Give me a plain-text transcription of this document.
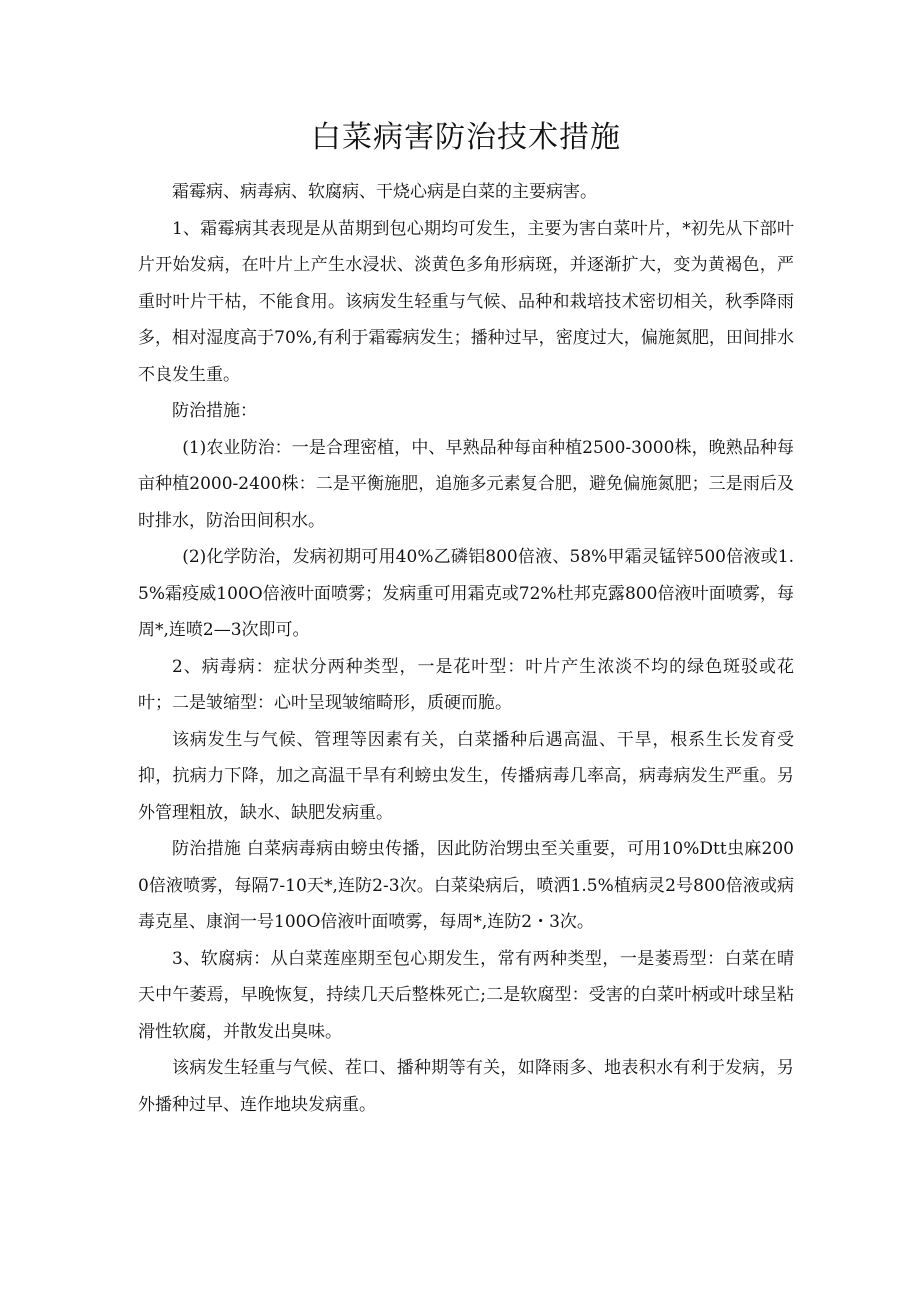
白菜病害防治技术措施

霜霉病、病毒病、软腐病、干烧心病是白菜的主要病害。

1、霜霉病其表现是从苗期到包心期均可发生，主要为害白菜叶片，*初先从下部叶片开始发病，在叶片上产生水浸状、淡黄色多角形病斑，并逐渐扩大，变为黄褐色，严重时叶片干枯，不能食用。该病发生轻重与气候、品种和栽培技术密切相关，秋季降雨多，相对湿度高于70%,有利于霜霉病发生；播种过早，密度过大，偏施氮肥，田间排水不良发生重。

防治措施：

(1)农业防治：一是合理密植，中、早熟品种每亩种植2500-3000株，晚熟品种每亩种植2000-2400株：二是平衡施肥，追施多元素复合肥，避免偏施氮肥；三是雨后及时排水，防治田间积水。

(2)化学防治，发病初期可用40%乙磷铝800倍液、58%甲霜灵锰锌500倍液或1.5%霜疫威100O倍液叶面喷雾；发病重可用霜克或72%杜邦克露800倍液叶面喷雾，每周*,连喷2—3次即可。

2、病毒病：症状分两种类型，一是花叶型：叶片产生浓淡不均的绿色斑驳或花叶；二是皱缩型：心叶呈现皱缩畸形，质硬而脆。

该病发生与气候、管理等因素有关，白菜播种后遇高温、干旱，根系生长发育受抑，抗病力下降，加之高温干旱有利螃虫发生，传播病毒几率高，病毒病发生严重。另外管理粗放，缺水、缺肥发病重。

防治措施 白菜病毒病由螃虫传播，因此防治甥虫至关重要，可用10%Dtt虫麻2000倍液喷雾，每隔7-10天*,连防2-3次。白菜染病后，喷洒1.5%植病灵2号800倍液或病毒克星、康润一号100O倍液叶面喷雾，每周*,连防2・3次。

3、软腐病：从白菜莲座期至包心期发生，常有两种类型，一是萎焉型：白菜在晴天中午萎焉，早晚恢复，持续几天后整株死亡;二是软腐型：受害的白菜叶柄或叶球呈粘滑性软腐，并散发出臭味。

该病发生轻重与气候、茬口、播种期等有关，如降雨多、地表积水有利于发病，另外播种过早、连作地块发病重。
